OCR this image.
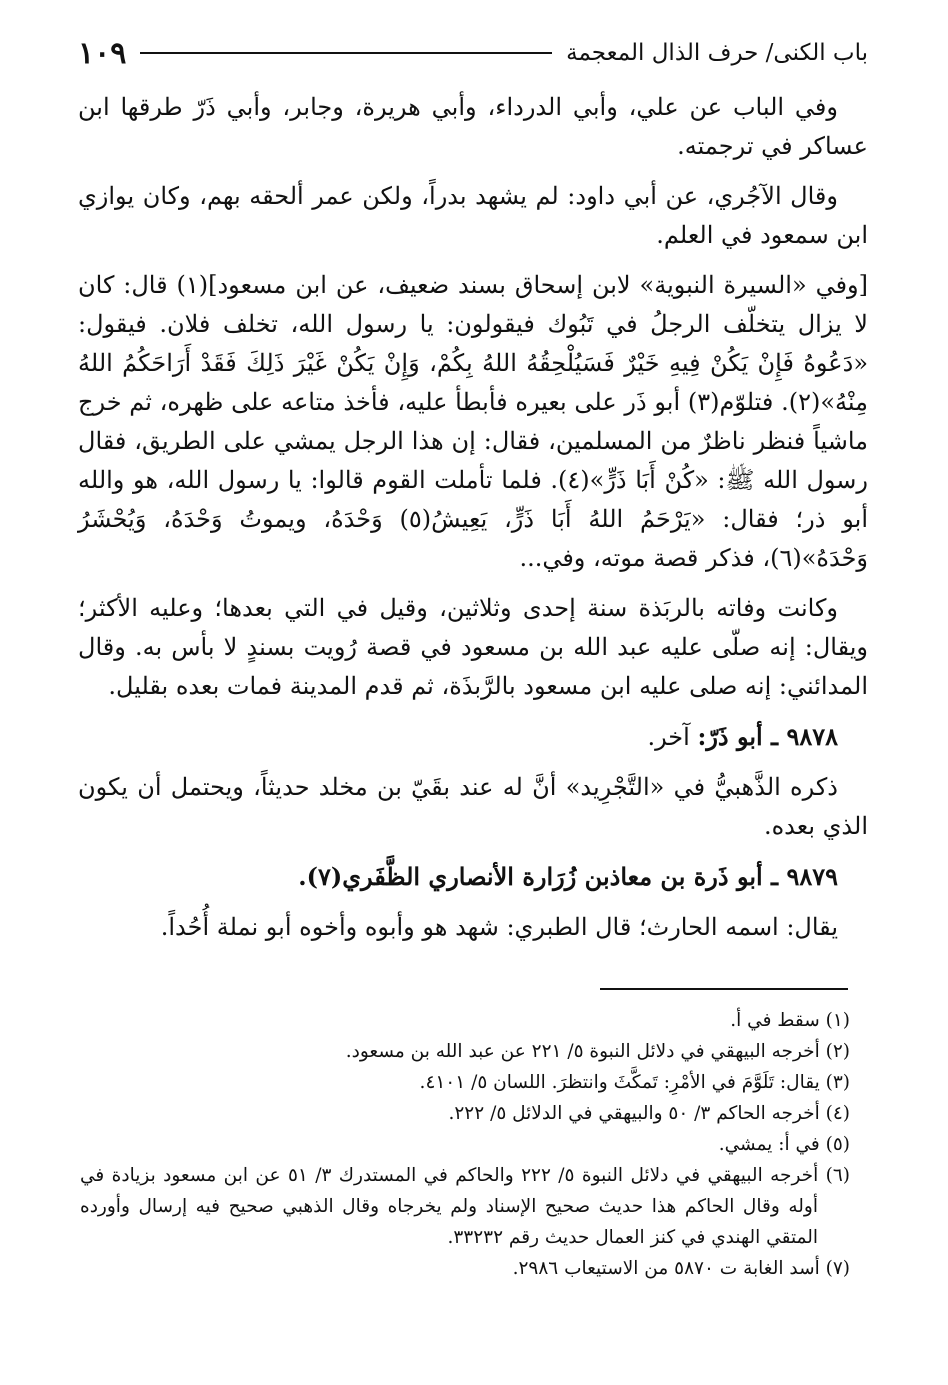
باب الكنى/ حرف الذال المعجمة
١٠٩

وفي الباب عن علي، وأبي الدرداء، وأبي هريرة، وجابر، وأبي ذَرّ طرقها ابن عساكر في ترجمته.

وقال الآجُري، عن أبي داود: لم يشهد بدراً، ولكن عمر ألحقه بهم، وكان يوازي ابن سمعود في العلم.

[وفي «السيرة النبوية» لابن إسحاق بسند ضعيف، عن ابن مسعود](١) قال: كان لا يزال يتخلّف الرجلُ في تَبُوك فيقولون: يا رسول الله، تخلف فلان. فيقول: «دَعُوهُ فَإِنْ يَكُنْ فِيهِ خَيْرٌ فَسَيُلْحِقُهُ اللهُ بِكُمْ، وَإِنْ يَكُنْ غَيْرَ ذَلِكَ فَقَدْ أَرَاحَكُمُ اللهُ مِنْهُ»(٢). فتلوّم(٣) أبو ذَر على بعيره فأبطأ عليه، فأخذ متاعه على ظهره، ثم خرج ماشياً فنظر ناظرٌ من المسلمين، فقال: إن هذا الرجل يمشي على الطريق، فقال رسول الله ﷺ: «كُنْ أَبَا ذَرٍّ»(٤). فلما تأملت القوم قالوا: يا رسول الله، هو والله أبو ذر؛ فقال: «يَرْحَمُ اللهُ أَبَا ذَرٍّ، يَعِيشُ(٥) وَحْدَهُ، ويموتُ وَحْدَهُ، وَيُحْشَرُ وَحْدَهُ»(٦)، فذكر قصة موته، وفي...

وكانت وفاته بالربَذة سنة إحدى وثلاثين، وقيل في التي بعدها؛ وعليه الأكثر؛ ويقال: إنه صلّى عليه عبد الله بن مسعود في قصة رُويت بسندٍ لا بأس به. وقال المدائني: إنه صلى عليه ابن مسعود بالرَّبذَة، ثم قدم المدينة فمات بعده بقليل.

٩٨٧٨ ـ أبو ذَرّ: آخر.

ذكره الذَّهبيُّ في «التَّجْرِيد» أنَّ له عند بقَيّ بن مخلد حديثاً، ويحتمل أن يكون الذي بعده.

٩٨٧٩ ـ أبو ذَرة بن معاذبن زُرَارة الأنصاري الظَّفَري(٧).

يقال: اسمه الحارث؛ قال الطبري: شهد هو وأبوه وأخوه أبو نملة أُحُداً.

(١) سقط في أ.

(٢) أخرجه البيهقي في دلائل النبوة ٥/ ٢٢١ عن عبد الله بن مسعود.

(٣) يقال: تَلَوَّمَ في الأمْرِ: تَمكَّثَ وانتظرَ. اللسان ٥/ ٤١٠١.

(٤) أخرجه الحاكم ٣/ ٥٠ والبيهقي في الدلائل ٥/ ٢٢٢.

(٥) في أ: يمشي.

(٦) أخرجه البيهقي في دلائل النبوة ٥/ ٢٢٢ والحاكم في المستدرك ٣/ ٥١ عن ابن مسعود بزيادة في أوله وقال الحاكم هذا حديث صحيح الإسناد ولم يخرجاه وقال الذهبي صحيح فيه إرسال وأورده المتقي الهندي في كنز العمال حديث رقم ٣٣٢٣٢.

(٧) أسد الغابة ت ٥٨٧٠ من الاستيعاب ٢٩٨٦.
